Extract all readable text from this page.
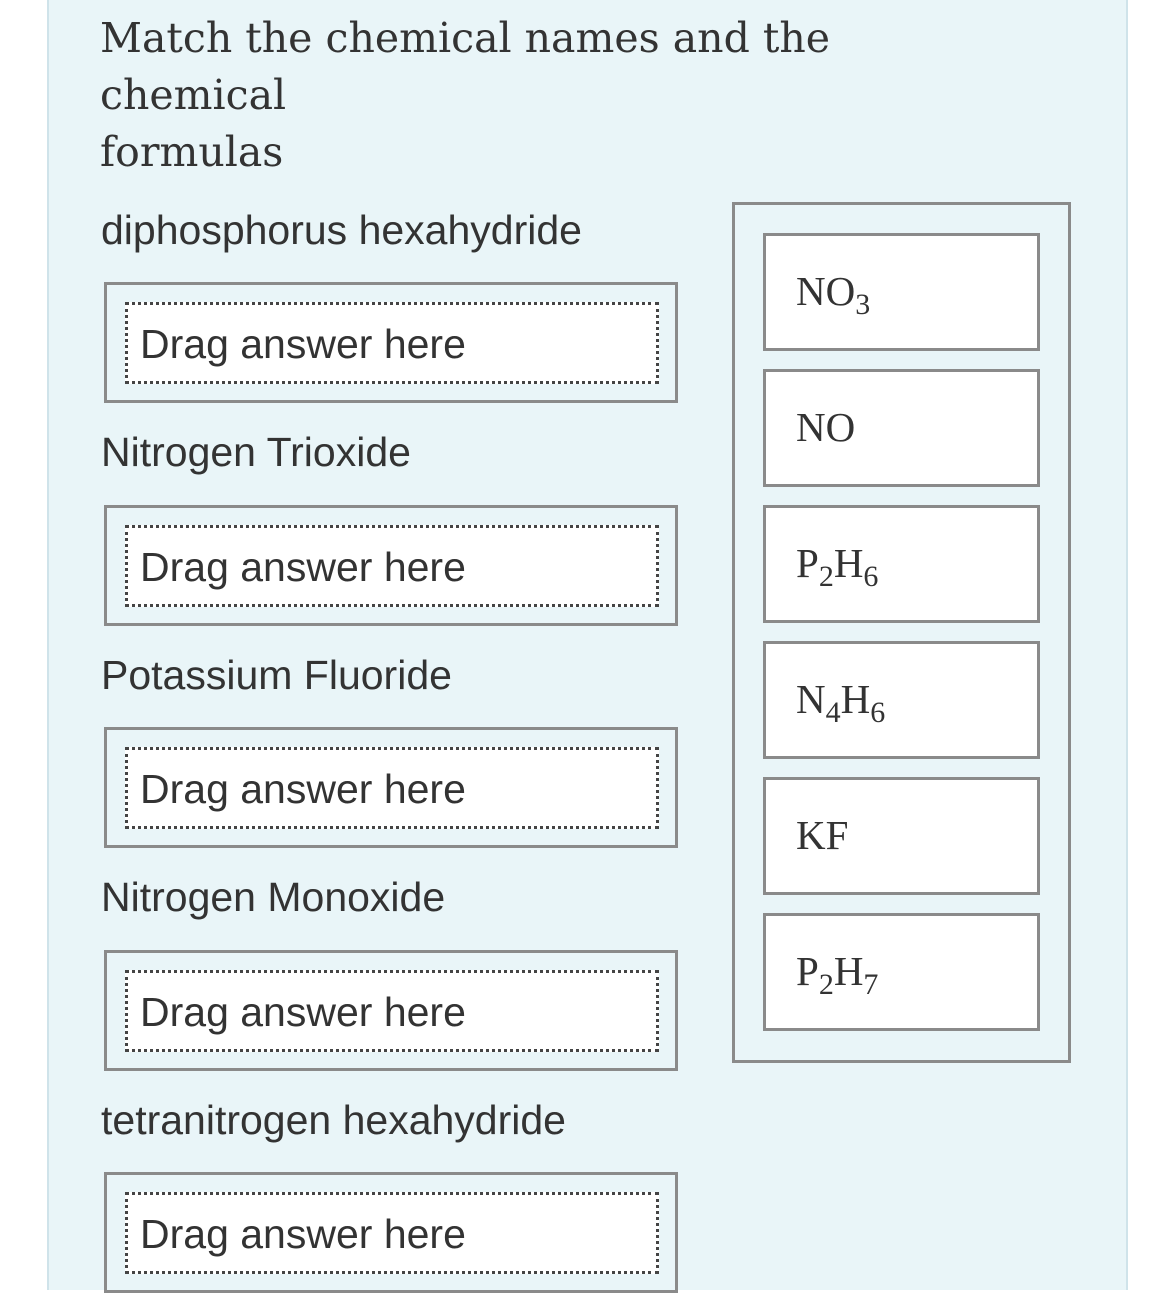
Match the chemical names and the chemical
formulas
diphosphorus hexahydride
Drag answer here
Nitrogen Trioxide
Drag answer here
Potassium Fluoride
Drag answer here
Nitrogen Monoxide
Drag answer here
tetranitrogen hexahydride
Drag answer here
$NO_3$
NO
$P_2H_6$
$N_4H_6$
KF
$P_2H_7$
